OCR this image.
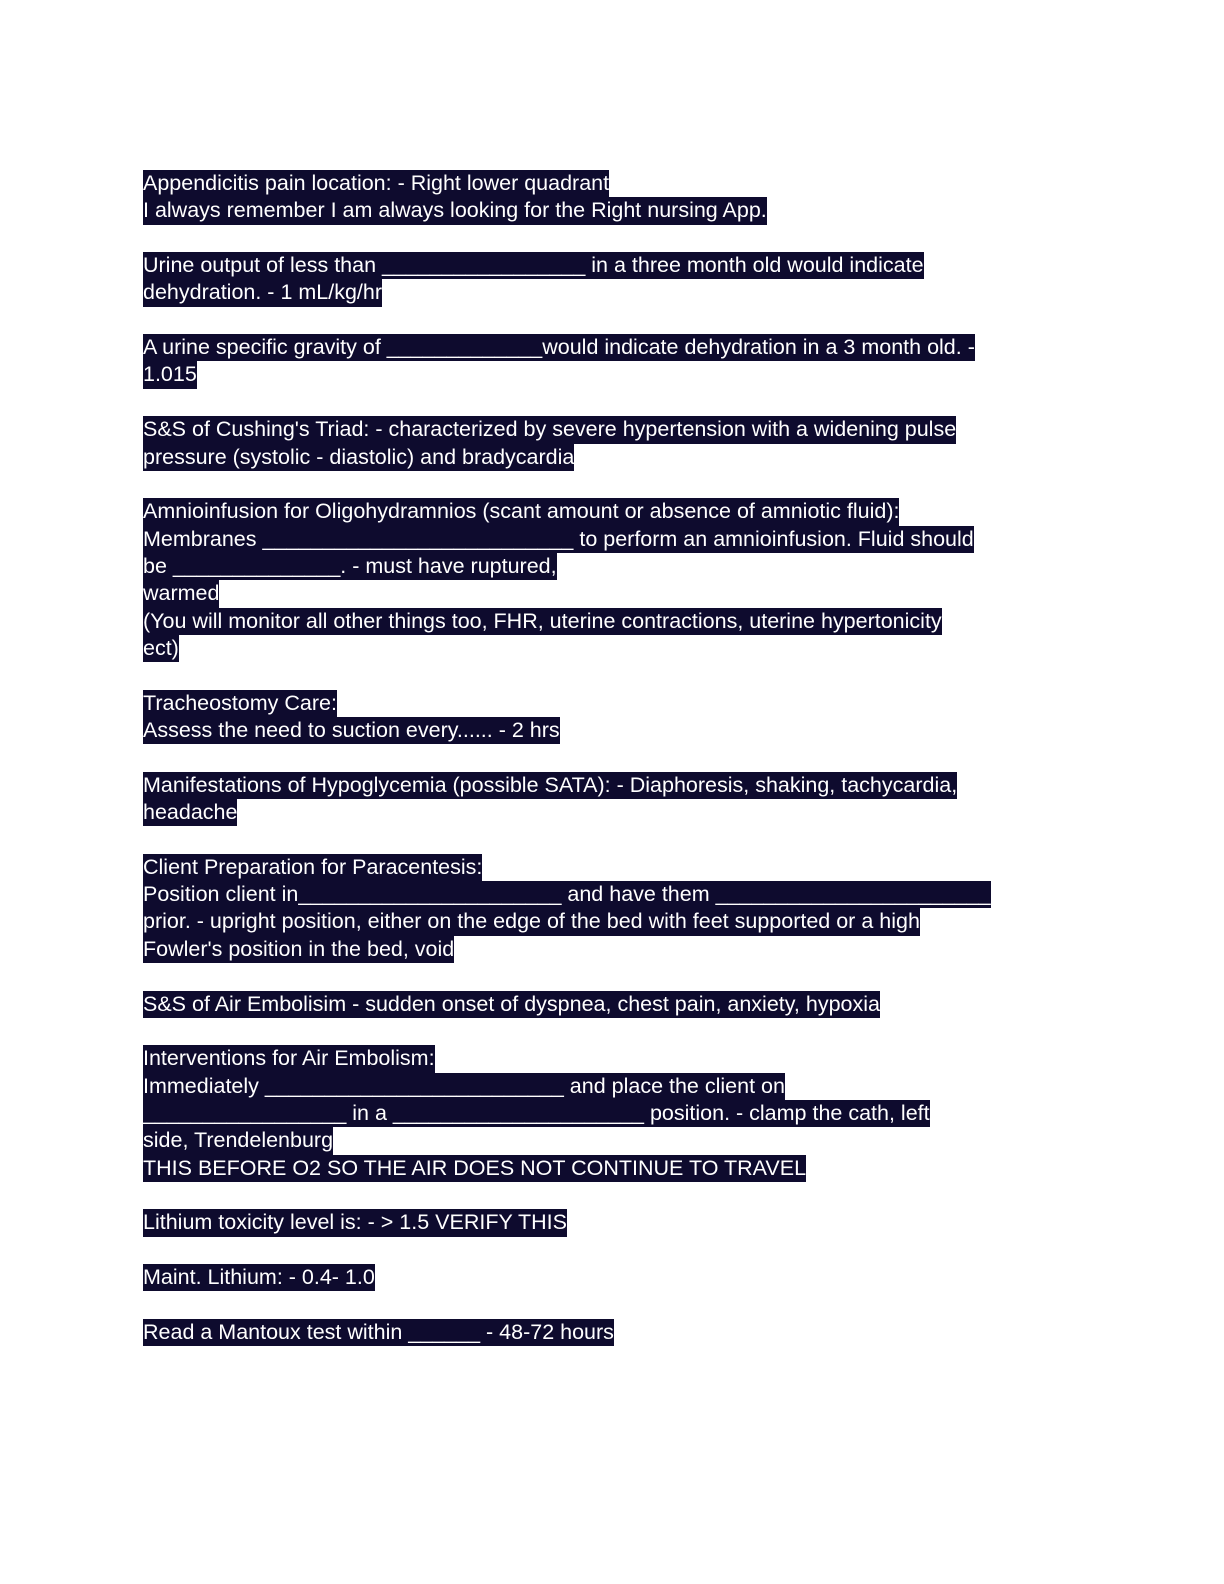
Appendicitis pain location: - Right lower quadrant
I always remember I am always looking for the Right nursing App.
Urine output of less than _________________ in a three month old would indicate
dehydration. - 1 mL/kg/hr
A urine specific gravity of _____________would indicate dehydration in a 3 month old. -
1.015
S&S of Cushing's Triad: - characterized by severe hypertension with a widening pulse
pressure (systolic - diastolic) and bradycardia
Amnioinfusion for Oligohydramnios (scant amount or absence of amniotic fluid):
Membranes __________________________ to perform an amnioinfusion. Fluid should
be ______________. - must have ruptured,
warmed
(You will monitor all other things too, FHR, uterine contractions, uterine hypertonicity
ect)
Tracheostomy Care:
Assess the need to suction every...... - 2 hrs
Manifestations of Hypoglycemia (possible SATA): - Diaphoresis, shaking, tachycardia,
headache
Client Preparation for Paracentesis:
Position client in______________________ and have them _______________________
prior. - upright position, either on the edge of the bed with feet supported or a high
Fowler's position in the bed, void
S&S of Air Embolisim - sudden onset of dyspnea, chest pain, anxiety, hypoxia
Interventions for Air Embolism:
Immediately _________________________ and place the client on
_________________ in a _____________________ position. - clamp the cath, left
side, Trendelenburg
THIS BEFORE O2 SO THE AIR DOES NOT CONTINUE TO TRAVEL
Lithium toxicity level is: - > 1.5 VERIFY THIS
Maint. Lithium: - 0.4- 1.0
Read a Mantoux test within ______ - 48-72 hours
